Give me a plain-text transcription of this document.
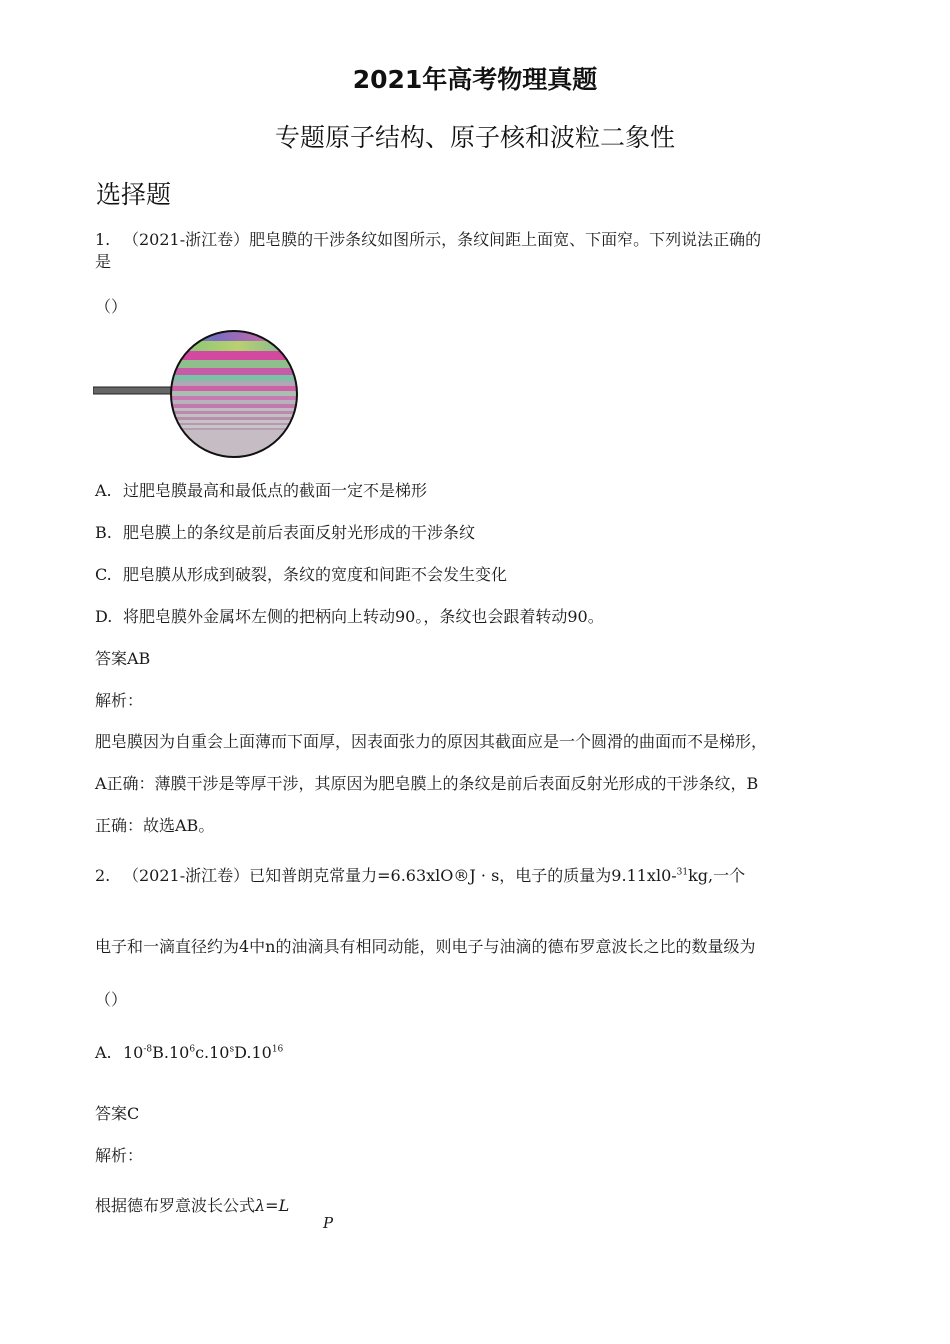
2021年高考物理真题
专题原子结构、原子核和波粒二象性
选择题
1. （2021-浙江卷）肥皂膜的干涉条纹如图所示，条纹间距上面宽、下面窄。下列说法正确的
是
（）
A. 过肥皂膜最高和最低点的截面一定不是梯形
B. 肥皂膜上的条纹是前后表面反射光形成的干涉条纹
C. 肥皂膜从形成到破裂，条纹的宽度和间距不会发生变化
D. 将肥皂膜外金属坏左侧的把柄向上转动90。，条纹也会跟着转动90。
答案AB
解析：
肥皂膜因为自重会上面薄而下面厚，因表面张力的原因其截面应是一个圆滑的曲面而不是梯形，
A正确：薄膜干涉是等厚干涉，其原因为肥皂膜上的条纹是前后表面反射光形成的干涉条纹，B
正确：故选AB。
2. （2021-浙江卷）已知普朗克常量力=6.63xlO®J · s，电子的质量为9.11xl0-$^{31}$kg,一个
电子和一滴直径约为4中n的油滴具有相同动能，则电子与油滴的德布罗意波长之比的数量级为
（）
A. $10^{-8}B.10^6c.10^sD.10^{16}$
答案C
解析：
根据德布罗意波长公式λ=L
P
